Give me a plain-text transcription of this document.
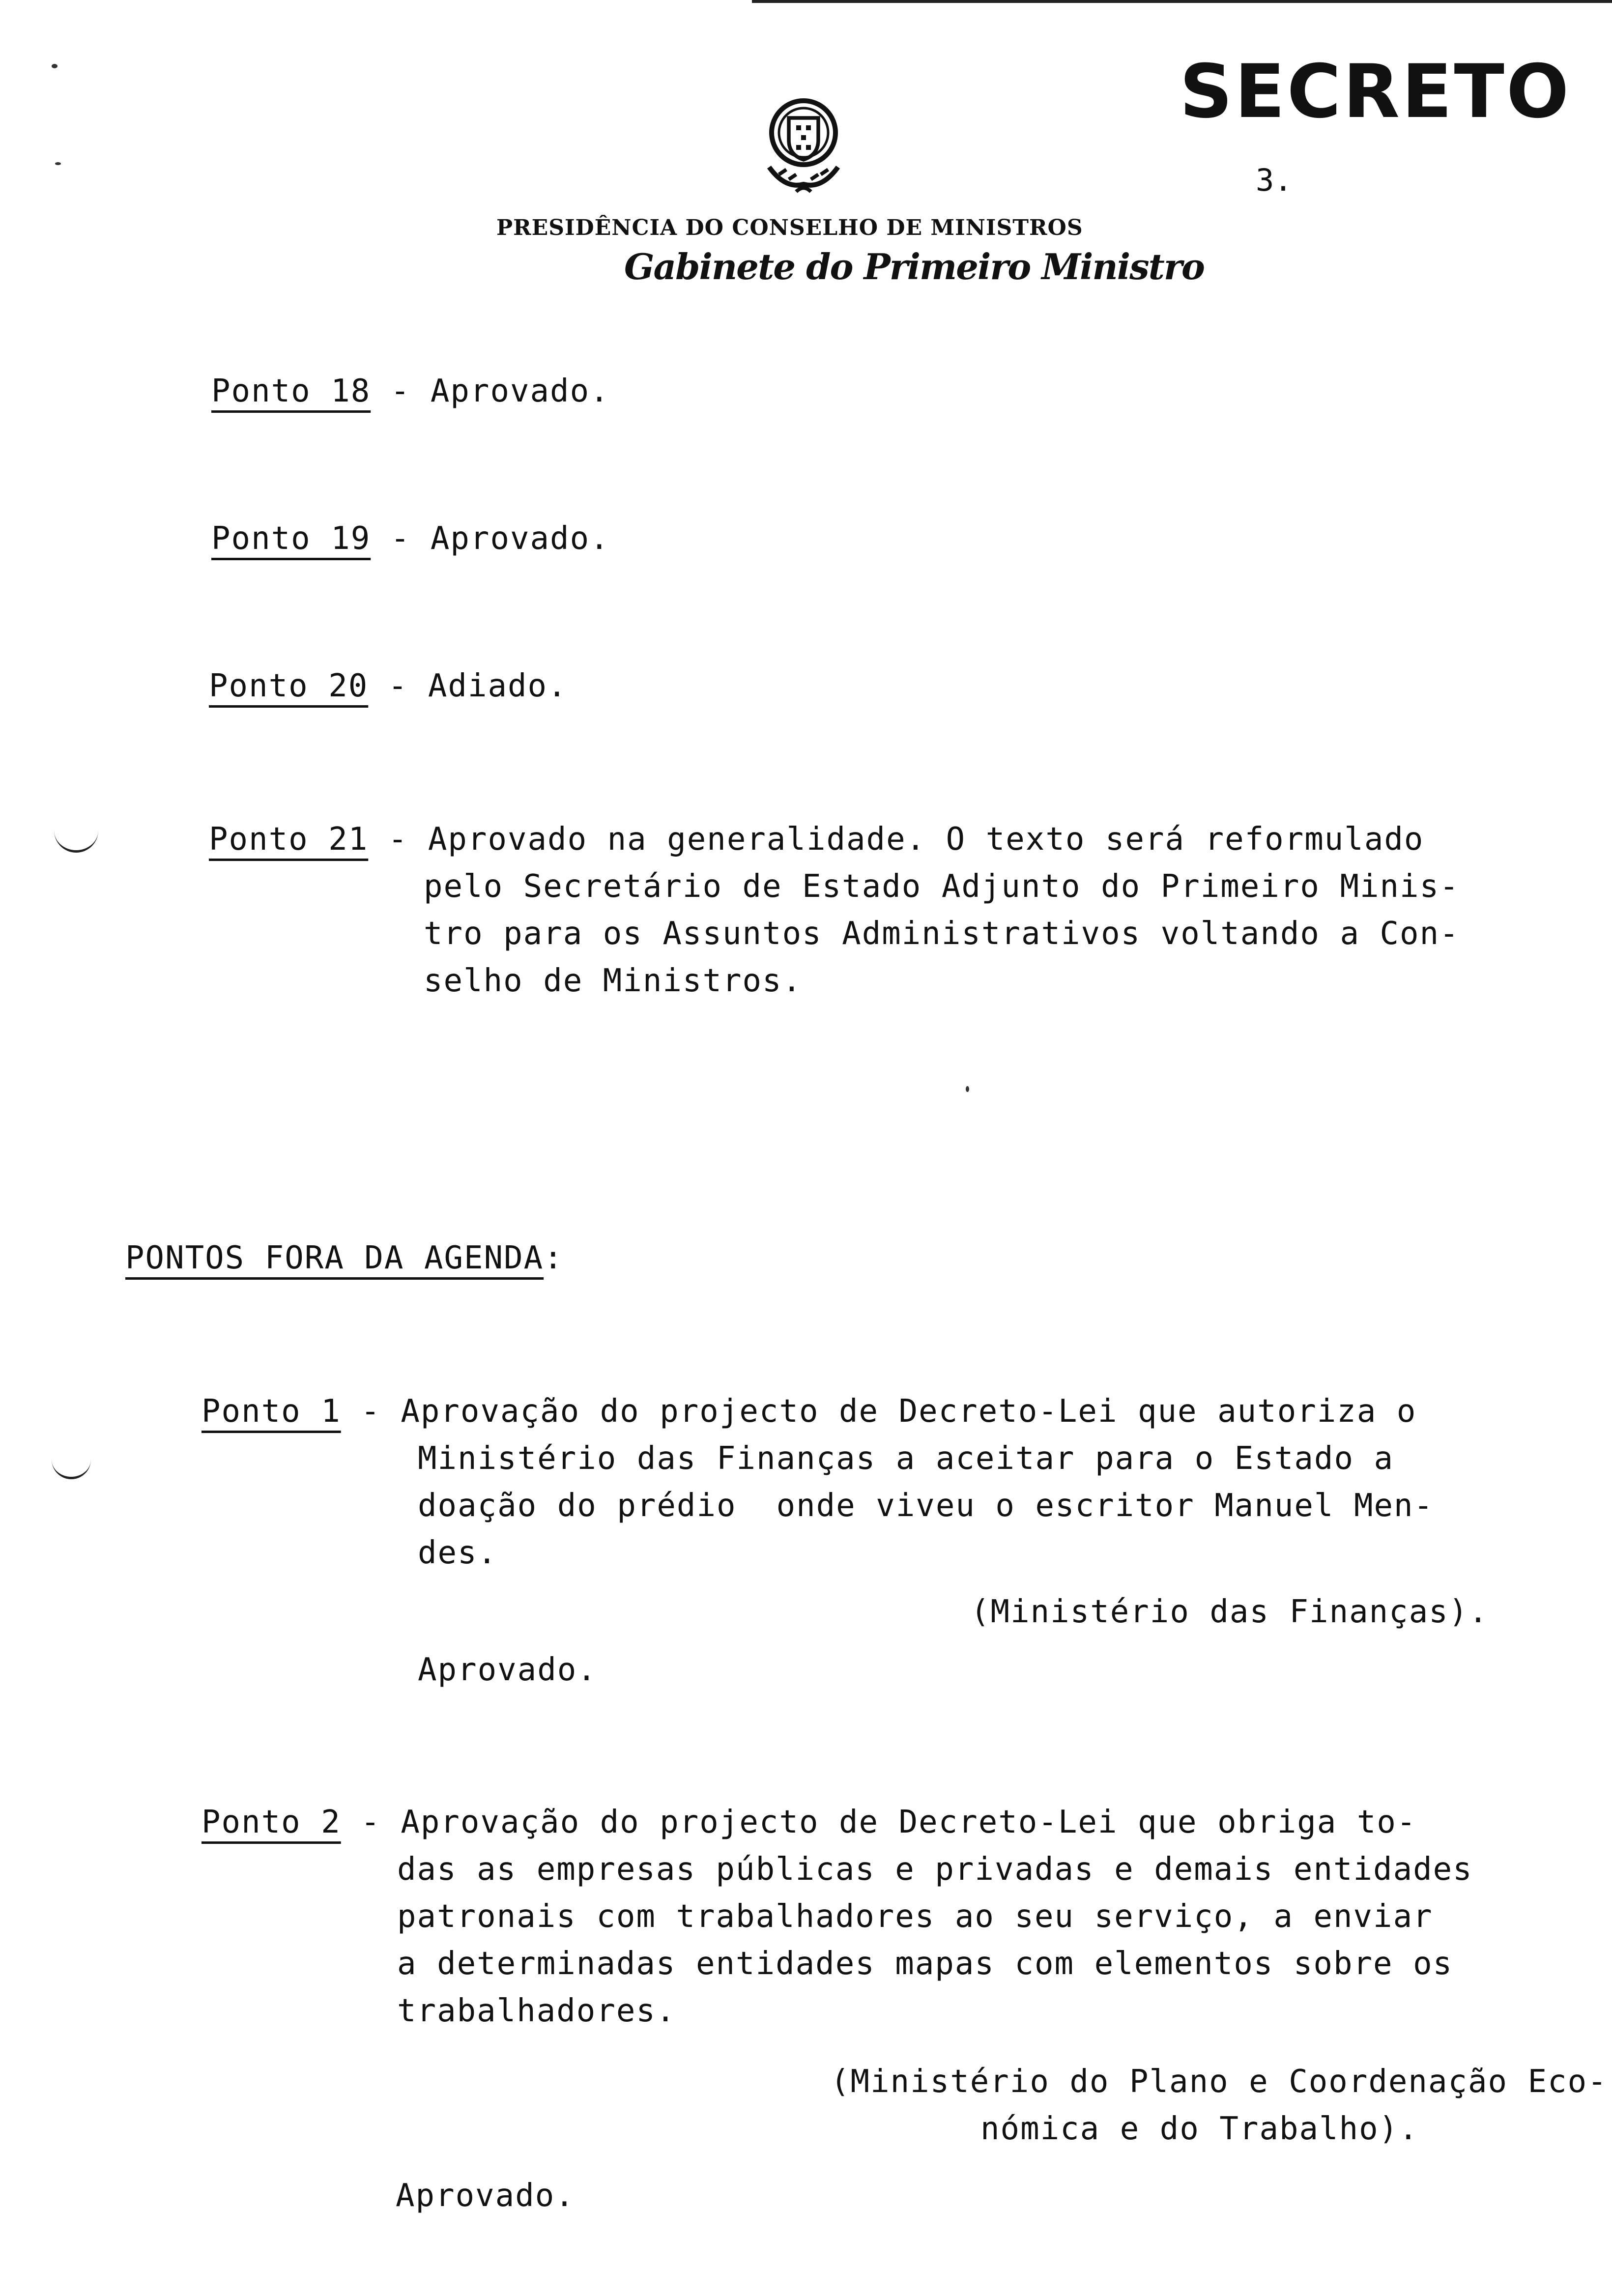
SECRETO
3.
PRESIDÊNCIA DO CONSELHO DE MINISTROS
Gabinete do Primeiro Ministro
Ponto 18 - Aprovado.
Ponto 19 - Aprovado.
Ponto 20 - Adiado.
Ponto 21 - Aprovado na generalidade. O texto será reformulado
pelo Secretário de Estado Adjunto do Primeiro Minis-
tro para os Assuntos Administrativos voltando a Con-
selho de Ministros.
PONTOS FORA DA AGENDA:
Ponto 1 - Aprovação do projecto de Decreto-Lei que autoriza o
Ministério das Finanças a aceitar para o Estado a
doação do prédio  onde viveu o escritor Manuel Men-
des.
(Ministério das Finanças).
Aprovado.
Ponto 2 - Aprovação do projecto de Decreto-Lei que obriga to-
das as empresas públicas e privadas e demais entidades
patronais com trabalhadores ao seu serviço, a enviar
a determinadas entidades mapas com elementos sobre os
trabalhadores.
(Ministério do Plano e Coordenação Eco-
nómica e do Trabalho).
Aprovado.
